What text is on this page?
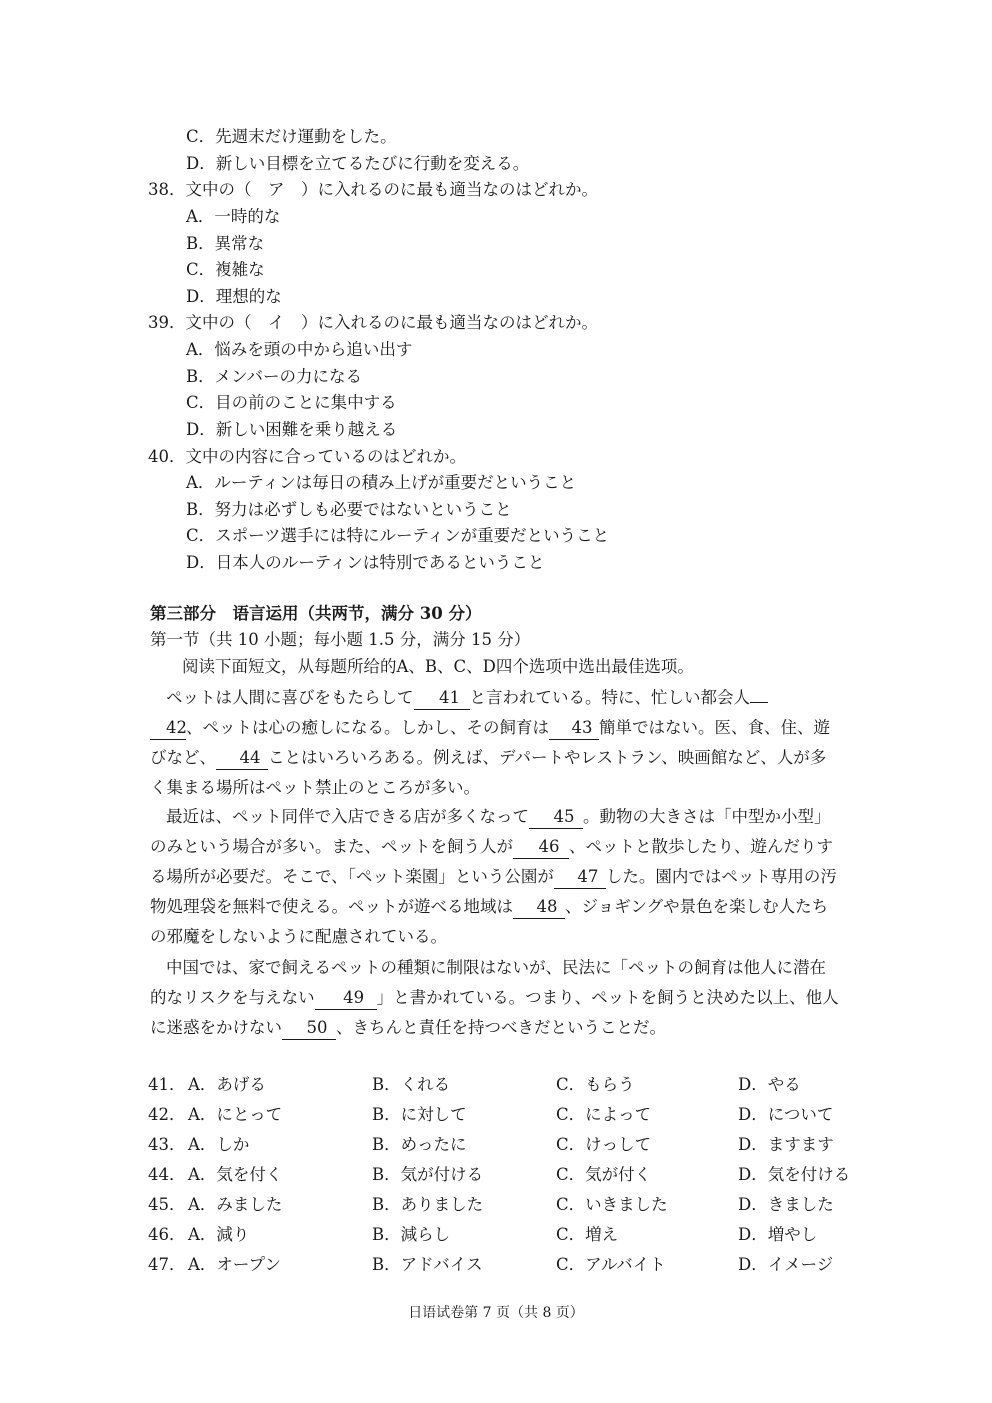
C．先週末だけ運動をした。
D．新しい目標を立てるたびに行動を変える。
38．文中の（　ア　）に入れるのに最も適当なのはどれか。
A．一時的な
B．異常な
C．複雑な
D．理想的な
39．文中の（　イ　）に入れるのに最も適当なのはどれか。
A．悩みを頭の中から追い出す
B．メンバーの力になる
C．目の前のことに集中する
D．新しい困難を乗り越える
40．文中の内容に合っているのはどれか。
A．ルーティンは毎日の積み上げが重要だということ
B．努力は必ずしも必要ではないということ
C．スポーツ選手には特にルーティンが重要だということ
D．日本人のルーティンは特別であるということ
第三部分　语言运用（共两节，满分 30 分）
第一节（共 10 小题；每小题 1.5 分，满分 15 分）
阅读下面短文，从每题所给的A、B、C、D四个选项中选出最佳选项。
ペットは人間に喜びをもたらして 41 と言われている。特に、忙しい都会人
42、ペットは心の癒しになる。しかし、その飼育は 43 簡単ではない。医、食、住、遊びなど、 44 ことはいろいろある。例えば、デパートやレストラン、映画館など、人が多く集まる場所はペット禁止のところが多い。
最近は、ペット同伴で入店できる店が多くなって 45 。動物の大きさは「中型か小型」のみという場合が多い。また、ペットを飼う人が 46 、ペットと散歩したり、遊んだりする場所が必要だ。そこで、「ペット楽園」という公園が 47 した。園内ではペット専用の汚物処理袋を無料で使える。ペットが遊べる地域は 48 、ジョギングや景色を楽しむ人たちの邪魔をしないように配慮されている。
中国では、家で飼えるペットの種類に制限はないが、民法に「ペットの飼育は他人に潜在的なリスクを与えない 49 」と書かれている。つまり、ペットを飼うと決めた以上、他人に迷惑をかけない 50 、きちんと責任を持つべきだということだ。
41． A．あげる	B．くれる	C．もらう	D．やる
42． A．にとって	B．に対して	C．によって	D．について
43． A．しか	B．めったに	C．けっして	D．ますます
44． A．気を付く	B．気が付ける	C．気が付く	D．気を付ける
45． A．みました	B．ありました	C．いきました	D．きました
46． A．減り	B．減らし	C．増え	D．増やし
47． A．オープン	B．アドバイス	C．アルバイト	D．イメージ
日语试卷第 7 页（共 8 页）
